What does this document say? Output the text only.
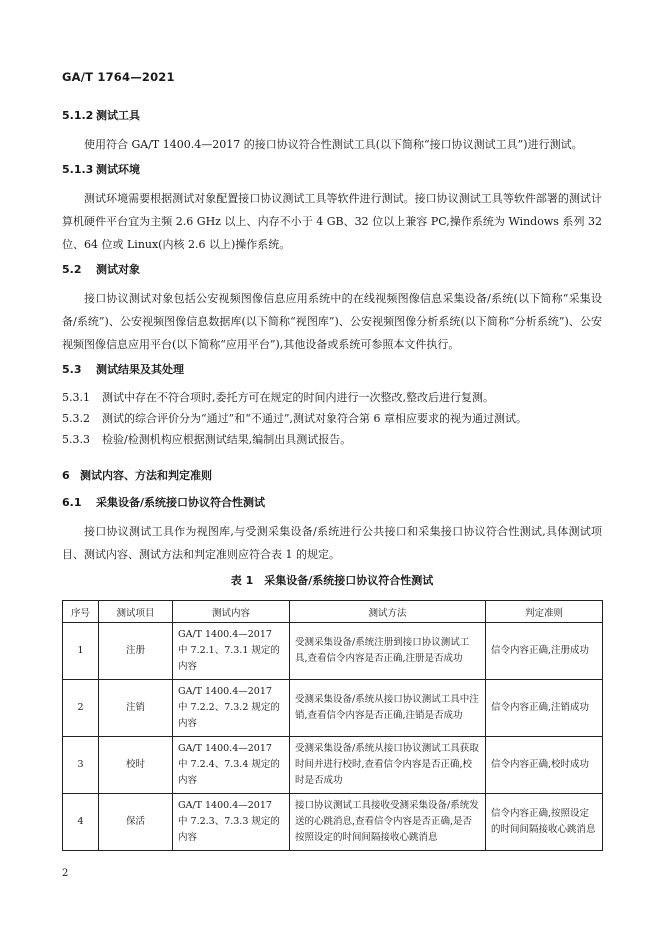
GA/T 1764—2021
5.1.2 测试工具

使用符合 GA/T 1400.4—2017 的接口协议符合性测试工具(以下简称“接口协议测试工具”)进行测试。

5.1.3 测试环境

测试环境需要根据测试对象配置接口协议测试工具等软件进行测试。接口协议测试工具等软件部署的测试计算机硬件平台宜为主频 2.6 GHz 以上、内存不小于 4 GB、32 位以上兼容 PC,操作系统为 Windows 系列 32 位、64 位或 Linux(内核 2.6 以上)操作系统。

5.2 测试对象

接口协议测试对象包括公安视频图像信息应用系统中的在线视频图像信息采集设备/系统(以下简称“采集设备/系统”)、公安视频图像信息数据库(以下简称“视图库”)、公安视频图像分析系统(以下简称“分析系统”)、公安视频图像信息应用平台(以下简称“应用平台”),其他设备或系统可参照本文件执行。

5.3 测试结果及其处理

5.3.1 测试中存在不符合项时,委托方可在规定的时间内进行一次整改,整改后进行复测。

5.3.2 测试的综合评价分为“通过”和“不通过”,测试对象符合第 6 章相应要求的视为通过测试。

5.3.3 检验/检测机构应根据测试结果,编制出具测试报告。

6 测试内容、方法和判定准则
6.1 采集设备/系统接口协议符合性测试

接口协议测试工具作为视图库,与受测采集设备/系统进行公共接口和采集接口协议符合性测试,具体测试项目、测试内容、测试方法和判定准则应符合表 1 的规定。

表 1　采集设备/系统接口协议符合性测试
序号	测试项目	测试内容	测试方法	判定准则
1	注册	GA/T 1400.4—2017 中 7.2.1、7.3.1 规定的内容	受测采集设备/系统注册到接口协议测试工具,查看信令内容是否正确,注册是否成功	信令内容正确,注册成功
2	注销	GA/T 1400.4—2017 中 7.2.2、7.3.2 规定的内容	受测采集设备/系统从接口协议测试工具中注销,查看信令内容是否正确,注销是否成功	信令内容正确,注销成功
3	校时	GA/T 1400.4—2017 中 7.2.4、7.3.4 规定的内容	受测采集设备/系统从接口协议测试工具获取时间并进行校时,查看信令内容是否正确,校时是否成功	信令内容正确,校时成功
4	保活	GA/T 1400.4—2017 中 7.2.3、7.3.3 规定的内容	接口协议测试工具接收受测采集设备/系统发送的心跳消息,查看信令内容是否正确,是否按照设定的时间间隔接收心跳消息	信令内容正确,按照设定的时间间隔接收心跳消息
2
